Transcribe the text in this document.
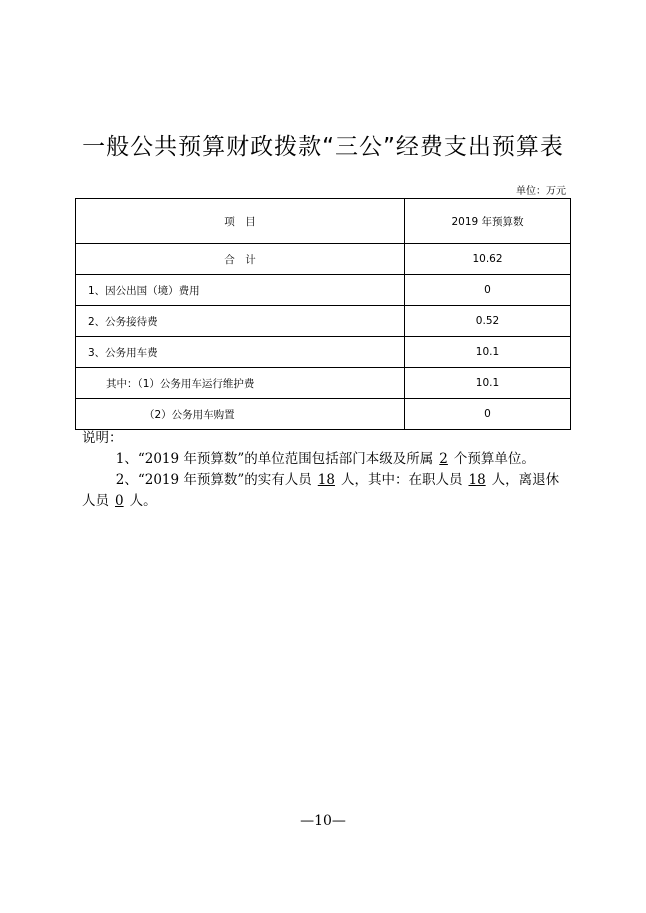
一般公共预算财政拨款“三公”经费支出预算表
单位：万元
项　目	2019 年预算数
合　计	10.62
1、因公出国（境）费用	0
2、公务接待费	0.52
3、公务用车费	10.1
其中：（1）公务用车运行维护费	10.1
（2）公务用车购置	0

说明：

1、“2019 年预算数”的单位范围包括部门本级及所属 2 个预算单位。

2、“2019 年预算数”的实有人员 18 人，其中：在职人员 18 人，离退休人员 0 人。

—10—
